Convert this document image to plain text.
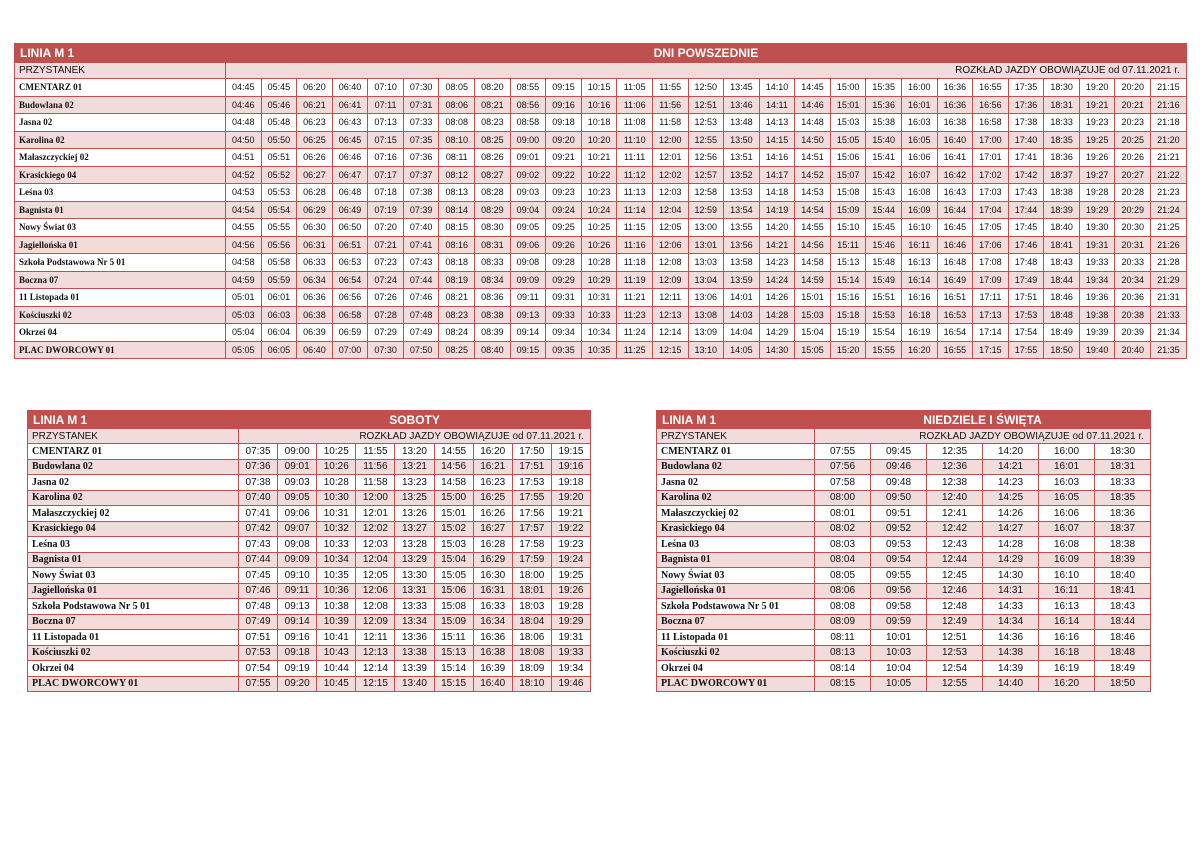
LINIA M 1	DNI POWSZEDNIE																										
PRZYSTANEK	ROZKŁAD JAZDY OBOWIĄZUJE od 07.11.2021 r.																										
CMENTARZ 01	04:45	05:45	06:20	06:40	07:10	07:30	08:05	08:20	08:55	09:15	10:15	11:05	11:55	12:50	13:45	14:10	14:45	15:00	15:35	16:00	16:36	16:55	17:35	18:30	19:20	20:20	21:15
Budowlana 02	04:46	05:46	06:21	06:41	07:11	07:31	08:06	08:21	08:56	09:16	10:16	11:06	11:56	12:51	13:46	14:11	14:46	15:01	15:36	16:01	16:36	16:56	17:36	18:31	19:21	20:21	21:16
Jasna 02	04:48	05:48	06:23	06:43	07:13	07:33	08:08	08:23	08:58	09:18	10:18	11:08	11:58	12:53	13:48	14:13	14:48	15:03	15:38	16:03	16:38	16:58	17:38	18:33	19:23	20:23	21:18
Karolina 02	04:50	05:50	06:25	06:45	07:15	07:35	08:10	08:25	09:00	09:20	10:20	11:10	12:00	12:55	13:50	14:15	14:50	15:05	15:40	16:05	16:40	17:00	17:40	18:35	19:25	20:25	21:20
Małaszczyckiej 02	04:51	05:51	06:26	06:46	07:16	07:36	08:11	08:26	09:01	09:21	10:21	11:11	12:01	12:56	13:51	14:16	14:51	15:06	15:41	16:06	16:41	17:01	17:41	18:36	19:26	20:26	21:21
Krasickiego 04	04:52	05:52	06:27	06:47	07:17	07:37	08:12	08:27	09:02	09:22	10:22	11:12	12:02	12:57	13:52	14:17	14:52	15:07	15:42	16:07	16:42	17:02	17:42	18:37	19:27	20:27	21:22
Leśna 03	04:53	05:53	06:28	06:48	07:18	07:38	08:13	08:28	09:03	09:23	10:23	11:13	12:03	12:58	13:53	14:18	14:53	15:08	15:43	16:08	16:43	17:03	17:43	18:38	19:28	20:28	21:23
Bagnista 01	04:54	05:54	06:29	06:49	07:19	07:39	08:14	08:29	09:04	09:24	10:24	11:14	12:04	12:59	13:54	14:19	14:54	15:09	15:44	16:09	16:44	17:04	17:44	18:39	19:29	20:29	21:24
Nowy Świat 03	04:55	05:55	06:30	06:50	07:20	07:40	08:15	08:30	09:05	09:25	10:25	11:15	12:05	13:00	13:55	14:20	14:55	15:10	15:45	16:10	16:45	17:05	17:45	18:40	19:30	20:30	21:25
Jagiellońska 01	04:56	05:56	06:31	06:51	07:21	07:41	08:16	08:31	09:06	09:26	10:26	11:16	12:06	13:01	13:56	14:21	14:56	15:11	15:46	16:11	16:46	17:06	17:46	18:41	19:31	20:31	21:26
Szkoła Podstawowa Nr 5 01	04:58	05:58	06:33	06:53	07:23	07:43	08:18	08:33	09:08	09:28	10:28	11:18	12:08	13:03	13:58	14:23	14:58	15:13	15:48	16:13	16:48	17:08	17:48	18:43	19:33	20:33	21:28
Boczna 07	04:59	05:59	06:34	06:54	07:24	07:44	08:19	08:34	09:09	09:29	10:29	11:19	12:09	13:04	13:59	14:24	14:59	15:14	15:49	16:14	16:49	17:09	17:49	18:44	19:34	20:34	21:29
11 Listopada 01	05:01	06:01	06:36	06:56	07:26	07:46	08:21	08:36	09:11	09:31	10:31	11:21	12:11	13:06	14:01	14:26	15:01	15:16	15:51	16:16	16:51	17:11	17:51	18:46	19:36	20:36	21:31
Kościuszki 02	05:03	06:03	06:38	06:58	07:28	07:48	08:23	08:38	09:13	09:33	10:33	11:23	12:13	13:08	14:03	14:28	15:03	15:18	15:53	16:18	16:53	17:13	17:53	18:48	19:38	20:38	21:33
Okrzei 04	05:04	06:04	06:39	06:59	07:29	07:49	08:24	08:39	09:14	09:34	10:34	11:24	12:14	13:09	14:04	14:29	15:04	15:19	15:54	16:19	16:54	17:14	17:54	18:49	19:39	20:39	21:34
PLAC DWORCOWY 01	05:05	06:05	06:40	07:00	07:30	07:50	08:25	08:40	09:15	09:35	10:35	11:25	12:15	13:10	14:05	14:30	15:05	15:20	15:55	16:20	16:55	17:15	17:55	18:50	19:40	20:40	21:35
LINIA M 1	SOBOTY								
PRZYSTANEK	ROZKŁAD JAZDY OBOWIĄZUJE od 07.11.2021 r.								
CMENTARZ 01	07:35	09:00	10:25	11:55	13:20	14:55	16:20	17:50	19:15
Budowlana 02	07:36	09:01	10:26	11:56	13:21	14:56	16:21	17:51	19:16
Jasna 02	07:38	09:03	10:28	11:58	13:23	14:58	16:23	17:53	19:18
Karolina 02	07:40	09:05	10:30	12:00	13:25	15:00	16:25	17:55	19:20
Małaszczyckiej 02	07:41	09:06	10:31	12:01	13:26	15:01	16:26	17:56	19:21
Krasickiego 04	07:42	09:07	10:32	12:02	13:27	15:02	16:27	17:57	19:22
Leśna 03	07:43	09:08	10:33	12:03	13:28	15:03	16:28	17:58	19:23
Bagnista 01	07:44	09:09	10:34	12:04	13:29	15:04	16:29	17:59	19:24
Nowy Świat 03	07:45	09:10	10:35	12:05	13:30	15:05	16:30	18:00	19:25
Jagiellońska 01	07:46	09:11	10:36	12:06	13:31	15:06	16:31	18:01	19:26
Szkoła Podstawowa Nr 5 01	07:48	09:13	10:38	12:08	13:33	15:08	16:33	18:03	19:28
Boczna 07	07:49	09:14	10:39	12:09	13:34	15:09	16:34	18:04	19:29
11 Listopada 01	07:51	09:16	10:41	12:11	13:36	15:11	16:36	18:06	19:31
Kościuszki 02	07:53	09:18	10:43	12:13	13:38	15:13	16:38	18:08	19:33
Okrzei 04	07:54	09:19	10:44	12:14	13:39	15:14	16:39	18:09	19:34
PLAC DWORCOWY 01	07:55	09:20	10:45	12:15	13:40	15:15	16:40	18:10	19:46
LINIA M 1	NIEDZIELE I ŚWIĘTA					
PRZYSTANEK	ROZKŁAD JAZDY OBOWIĄZUJE od 07.11.2021 r.					
CMENTARZ 01	07:55	09:45	12:35	14:20	16:00	18:30
Budowlana 02	07:56	09:46	12:36	14:21	16:01	18:31
Jasna 02	07:58	09:48	12:38	14:23	16:03	18:33
Karolina 02	08:00	09:50	12:40	14:25	16:05	18:35
Małaszczyckiej 02	08:01	09:51	12:41	14:26	16:06	18:36
Krasickiego 04	08:02	09:52	12:42	14:27	16:07	18:37
Leśna 03	08:03	09:53	12:43	14:28	16:08	18:38
Bagnista 01	08:04	09:54	12:44	14:29	16:09	18:39
Nowy Świat 03	08:05	09:55	12:45	14:30	16:10	18:40
Jagiellońska 01	08:06	09:56	12:46	14:31	16:11	18:41
Szkoła Podstawowa Nr 5 01	08:08	09:58	12:48	14:33	16:13	18:43
Boczna 07	08:09	09:59	12:49	14:34	16:14	18:44
11 Listopada 01	08:11	10:01	12:51	14:36	16:16	18:46
Kościuszki 02	08:13	10:03	12:53	14:38	16:18	18:48
Okrzei 04	08:14	10:04	12:54	14:39	16:19	18:49
PLAC DWORCOWY 01	08:15	10:05	12:55	14:40	16:20	18:50
